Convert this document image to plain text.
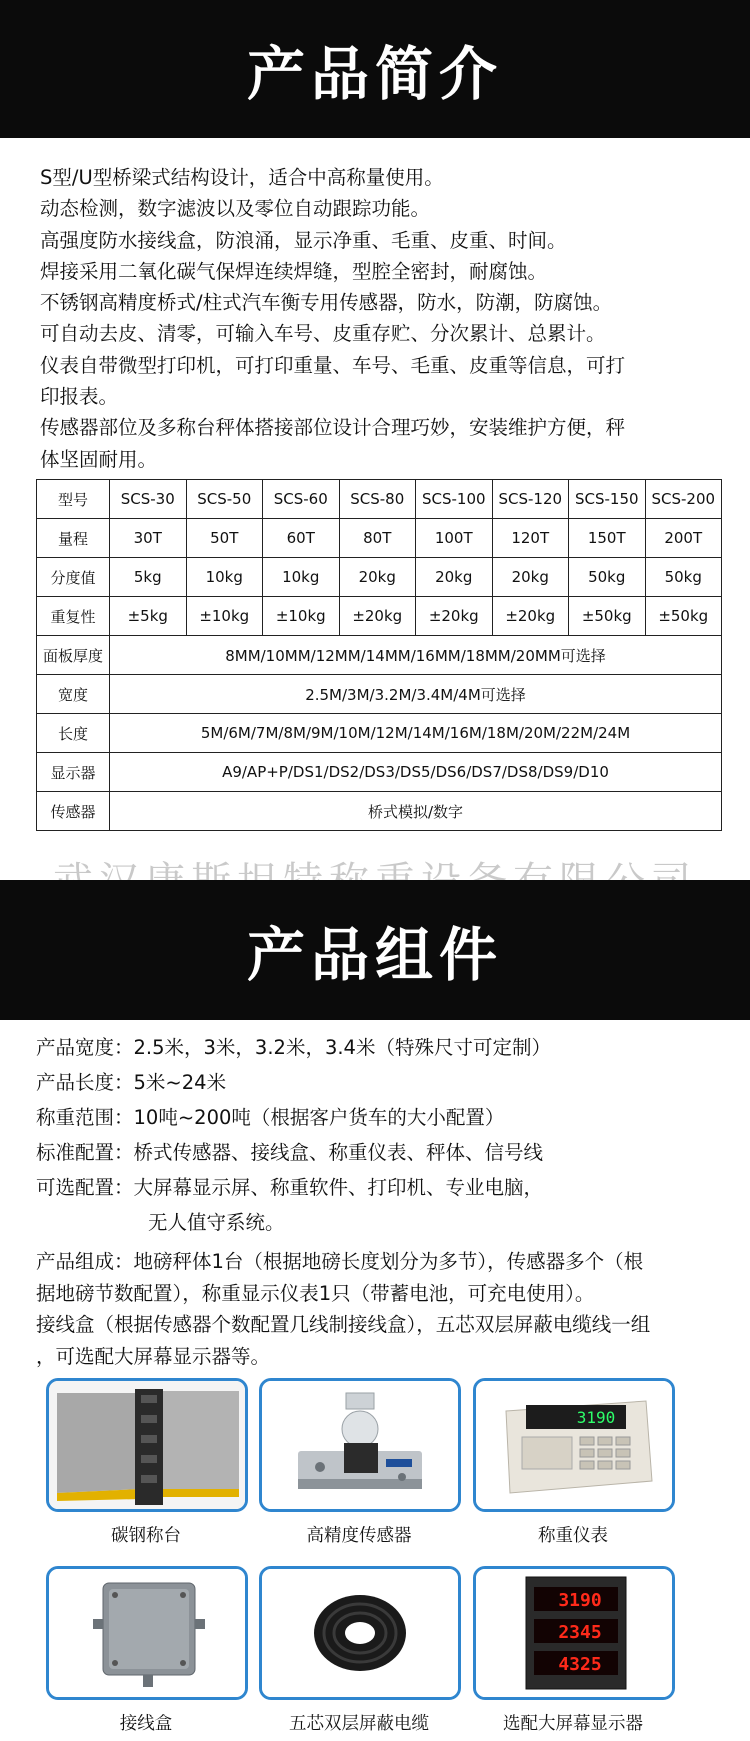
产品简介
S型/U型桥梁式结构设计，适合中高称量使用。
动态检测，数字滤波以及零位自动跟踪功能。
高强度防水接线盒，防浪涌，显示净重、毛重、皮重、时间。
焊接采用二氧化碳气保焊连续焊缝，型腔全密封，耐腐蚀。
不锈钢高精度桥式/柱式汽车衡专用传感器，防水，防潮，防腐蚀。
可自动去皮、清零，可输入车号、皮重存贮、分次累计、总累计。
仪表自带微型打印机，可打印重量、车号、毛重、皮重等信息，可打
印报表。
传感器部位及多称台秤体搭接部位设计合理巧妙，安装维护方便，秤
体坚固耐用。
型号	SCS-30	SCS-50	SCS-60	SCS-80	SCS-100	SCS-120	SCS-150	SCS-200
量程	30T	50T	60T	80T	100T	120T	150T	200T
分度值	5kg	10kg	10kg	20kg	20kg	20kg	50kg	50kg
重复性	±5kg	±10kg	±10kg	±20kg	±20kg	±20kg	±50kg	±50kg
面板厚度	8MM/10MM/12MM/14MM/16MM/18MM/20MM可选择							
宽度	2.5M/3M/3.2M/3.4M/4M可选择							
长度	5M/6M/7M/8M/9M/10M/12M/14M/16M/18M/20M/22M/24M							
显示器	A9/AP+P/DS1/DS2/DS3/DS5/DS6/DS7/DS8/DS9/D10							
传感器	桥式模拟/数字							
产品组件
产品宽度： 2.5米，3米，3.2米，3.4米（特殊尺寸可定制）
产品长度： 5米~24米
称重范围： 10吨~200吨（根据客户货车的大小配置）
标准配置： 桥式传感器、接线盒、称重仪表、秤体、信号线
可选配置： 大屏幕显示屏、称重软件、打印机、专业电脑，
无人值守系统。

产品组成：地磅秤体1台（根据地磅长度划分为多节），传感器多个（根

据地磅节数配置），称重显示仪表1只（带蓄电池，可充电使用）。

接线盒（根据传感器个数配置几线制接线盒），五芯双层屏蔽电缆线一组

，可选配大屏幕显示器等。

碳钢称台	高精度传感器
3190
称重仪表
接线盒	五芯双层屏蔽电缆
3190
2345
4325
选配大屏幕显示器
